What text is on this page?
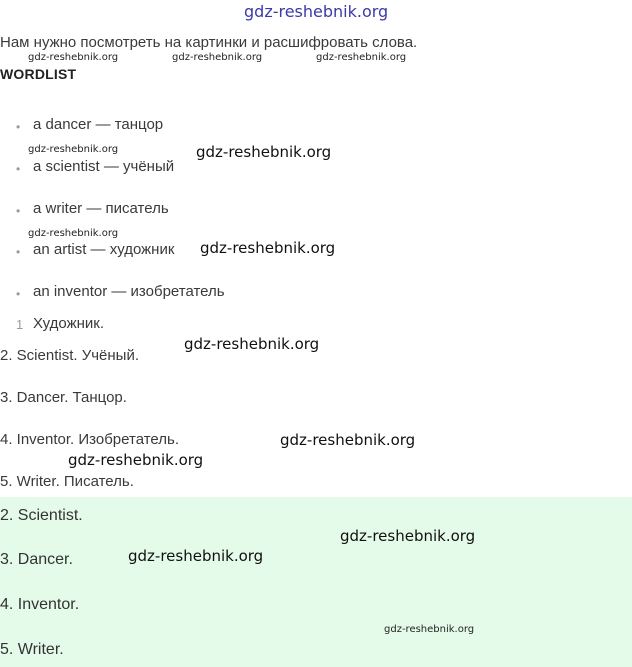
gdz-reshebnik.org
Нам нужно посмотреть на картинки и расшифровать слова.
WORDLIST
• a dancer — танцор
• a scientist — учёный
• a writer — писатель
• an artist — художник
• an inventor — изобретатель
1 Художник.
2. Scientist. Учёный.
3. Dancer. Танцор.
4. Inventor. Изобретатель.
5. Writer. Писатель.
2. Scientist.
3. Dancer.
4. Inventor.
5. Writer.
gdz-reshebnik.org	gdz-reshebnik.org	gdz-reshebnik.org
gdz-reshebnik.org	gdz-reshebnik.org
gdz-reshebnik.org
gdz-reshebnik.org
gdz-reshebnik.org
gdz-reshebnik.org
gdz-reshebnik.org
gdz-reshebnik.org
gdz-reshebnik.org
gdz-reshebnik.org
